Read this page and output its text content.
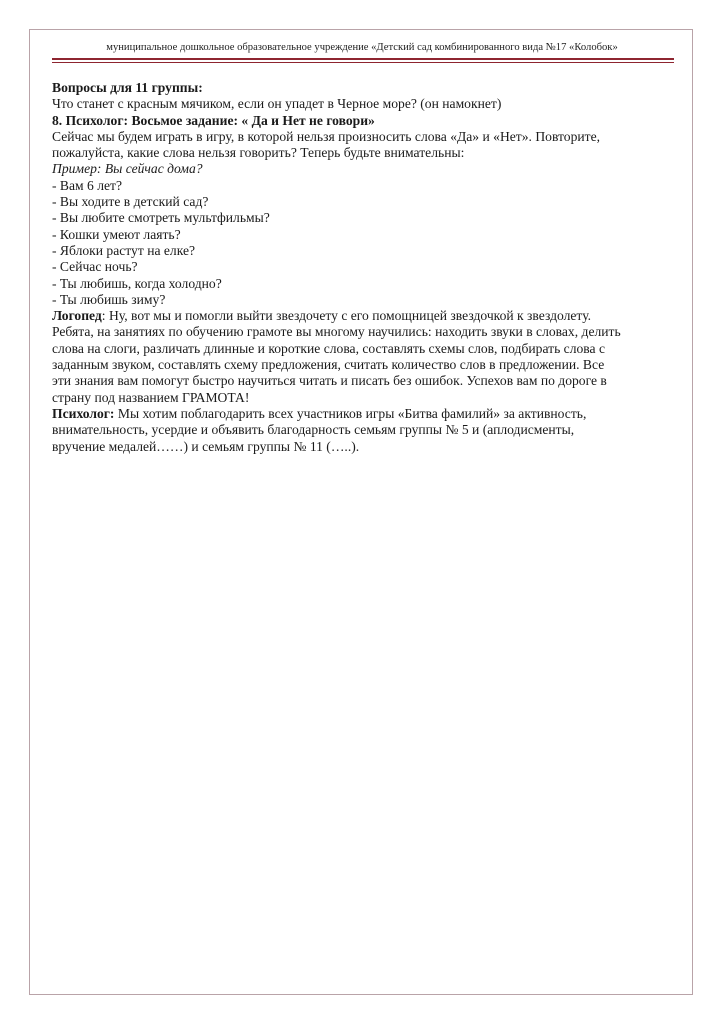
муниципальное дошкольное образовательное учреждение «Детский сад комбинированного вида №17 «Колобок»
Вопросы для 11 группы:
Что станет с красным мячиком, если он упадет в Черное море? (он намокнет)
8. Психолог: Восьмое задание: « Да и Нет не говори»
Сейчас мы будем играть в игру, в которой нельзя произносить слова «Да» и «Нет». Повторите,
пожалуйста, какие слова нельзя говорить? Теперь будьте внимательны:
Пример: Вы сейчас дома?
- Вам 6 лет?
- Вы ходите в детский сад?
- Вы любите смотреть мультфильмы?
- Кошки умеют лаять?
- Яблоки растут на елке?
- Сейчас ночь?
- Ты любишь, когда холодно?
- Ты любишь зиму?
Логопед: Ну, вот мы и помогли выйти звездочету с его помощницей звездочкой к звездолету.
Ребята, на занятиях по обучению грамоте вы многому научились: находить звуки в словах, делить
слова на слоги, различать длинные и короткие слова, составлять схемы слов, подбирать слова с
заданным звуком, составлять схему предложения, считать количество слов в предложении. Все
эти знания вам помогут быстро научиться читать и писать без ошибок. Успехов вам по дороге в
страну под названием ГРАМОТА!
Психолог: Мы хотим поблагодарить всех участников игры «Битва фамилий» за активность,
внимательность, усердие и объявить благодарность семьям группы № 5 и (аплодисменты,
вручение медалей……) и семьям группы № 11 (…..).
